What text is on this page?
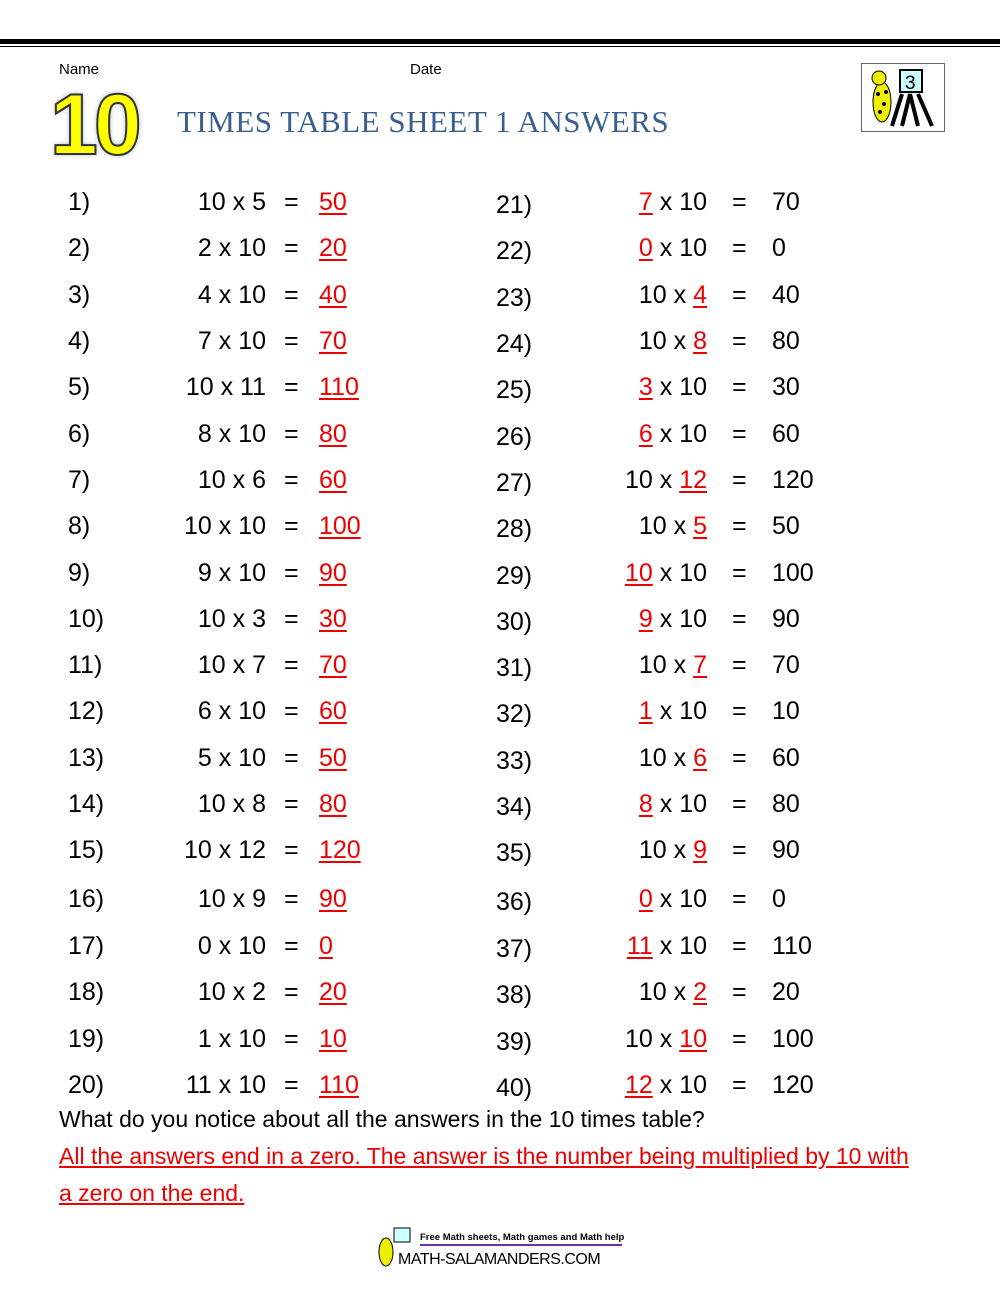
Name	Date
10 TIMES TABLE SHEET 1 ANSWERS
3
1)	10 x 5 = 50
2)	2 x 10 = 20
3)	4 x 10 = 40
4)	7 x 10 = 70
5)	10 x 11 = 110
6)	8 x 10 = 80
7)	10 x 6 = 60
8)	10 x 10 = 100
9)	9 x 10 = 90
10)	10 x 3 = 30
11)	10 x 7 = 70
12)	6 x 10 = 60
13)	5 x 10 = 50
14)	10 x 8 = 80
15)	10 x 12 = 120
16)	10 x 9 = 90
17)	0 x 10 = 0
18)	10 x 2 = 20
19)	1 x 10 = 10
20)	11 x 10 = 110
21)	7 x 10 = 70
22)	0 x 10 = 0
23)	10 x 4 = 40
24)	10 x 8 = 80
25)	3 x 10 = 30
26)	6 x 10 = 60
27)	10 x 12 = 120
28)	10 x 5 = 50
29)	10 x 10 = 100
30)	9 x 10 = 90
31)	10 x 7 = 70
32)	1 x 10 = 10
33)	10 x 6 = 60
34)	8 x 10 = 80
35)	10 x 9 = 90
36)	0 x 10 = 0
37)	11 x 10 = 110
38)	10 x 2 = 20
39)	10 x 10 = 100
40)	12 x 10 = 120
What do you notice about all the answers in the 10 times table?
All the answers end in a zero. The answer is the number being multiplied by 10 with a zero on the end.
Free Math sheets, Math games and Math help
MATH-SALAMANDERS.COM
